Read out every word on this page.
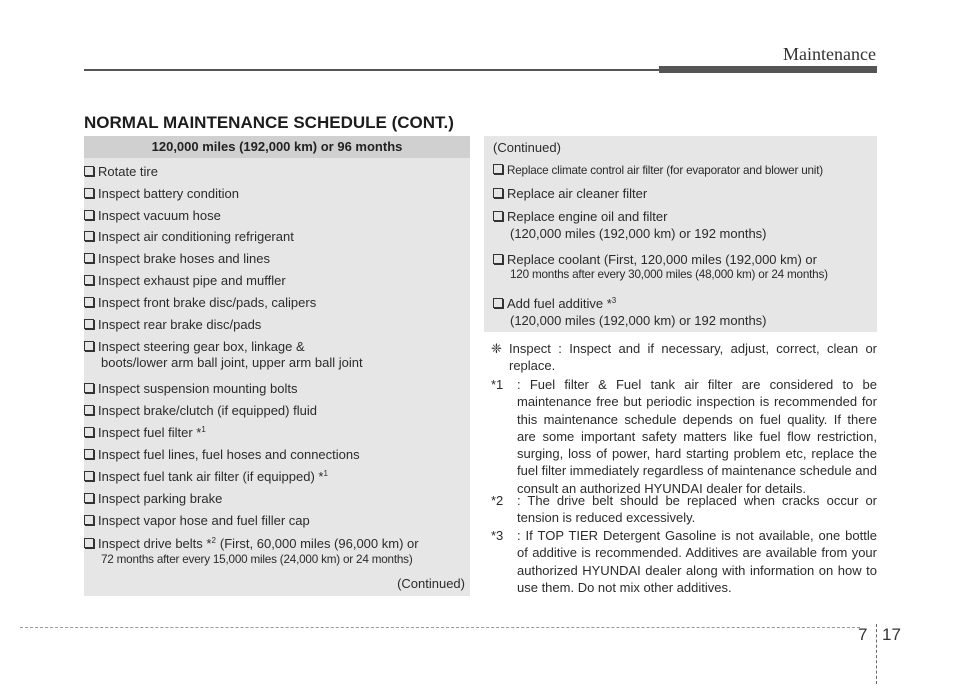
Maintenance
NORMAL MAINTENANCE SCHEDULE (CONT.)
120,000 miles (192,000 km) or 96 months
Rotate tire
Inspect battery condition
Inspect vacuum hose
Inspect air conditioning refrigerant
Inspect brake hoses and lines
Inspect exhaust pipe and muffler
Inspect front brake disc/pads, calipers
Inspect rear brake disc/pads
Inspect steering gear box, linkage &
Inspect suspension mounting bolts
Inspect brake/clutch (if equipped) fluid
Inspect fuel filter *$^1$
Inspect fuel lines, fuel hoses and connections
Inspect fuel tank air filter (if equipped) *$^1$
Inspect parking brake
Inspect vapor hose and fuel filler cap
Inspect drive belts *$^2$ (First, 60,000 miles (96,000 km) or
boots/lower arm ball joint, upper arm ball joint
72 months after every 15,000 miles (24,000 km) or 24 months)
(Continued)
(Continued)
Replace climate control air filter (for evaporator and blower unit)
Replace air cleaner filter
Replace engine oil and filter
(120,000 miles (192,000 km) or 192 months)
Replace coolant (First, 120,000 miles (192,000 km) or
120 months after every 30,000 miles (48,000 km) or 24 months)
Add fuel additive *$^3$
(120,000 miles (192,000 km) or 192 months)
❈ Inspect : Inspect and if necessary, adjust, correct, clean or replace.
*1 : Fuel filter & Fuel tank air filter are considered to be maintenance free but periodic inspection is recommended for this maintenance schedule depends on fuel quality. If there are some important safety matters like fuel flow restriction, surging, loss of power, hard starting problem etc, replace the fuel filter immediately regardless of maintenance schedule and consult an authorized HYUNDAI dealer for details.
*2 : The drive belt should be replaced when cracks occur or tension is reduced excessively.
*3 : If TOP TIER Detergent Gasoline is not available, one bottle of additive is recommended. Additives are available from your authorized HYUNDAI dealer along with information on how to use them. Do not mix other additives.
7 17
